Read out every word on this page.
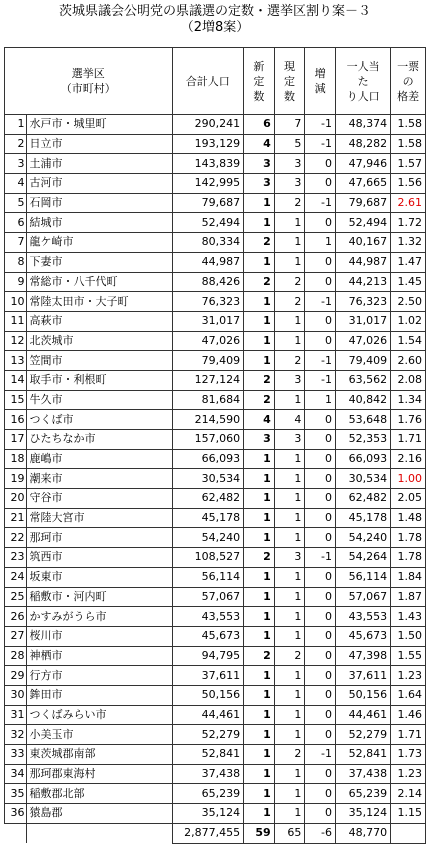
茨城県議会公明党の県議選の定数・選挙区割り案－３
（2増8案）
選挙区
（市町村）		合計人口	新
定
数	現
定
数	増
減	一人当
た
り人口	一票
の
格差
1	水戸市・城里町	290,241	6	7	-1	48,374	1.58
2	日立市	193,129	4	5	-1	48,282	1.58
3	土浦市	143,839	3	3	0	47,946	1.57
4	古河市	142,995	3	3	0	47,665	1.56
5	石岡市	79,687	1	2	-1	79,687	2.61
6	結城市	52,494	1	1	0	52,494	1.72
7	龍ケ崎市	80,334	2	1	1	40,167	1.32
8	下妻市	44,987	1	1	0	44,987	1.47
9	常総市・八千代町	88,426	2	2	0	44,213	1.45
10	常陸太田市・大子町	76,323	1	2	-1	76,323	2.50
11	高萩市	31,017	1	1	0	31,017	1.02
12	北茨城市	47,026	1	1	0	47,026	1.54
13	笠間市	79,409	1	2	-1	79,409	2.60
14	取手市・利根町	127,124	2	3	-1	63,562	2.08
15	牛久市	81,684	2	1	1	40,842	1.34
16	つくば市	214,590	4	4	0	53,648	1.76
17	ひたちなか市	157,060	3	3	0	52,353	1.71
18	鹿嶋市	66,093	1	1	0	66,093	2.16
19	潮来市	30,534	1	1	0	30,534	1.00
20	守谷市	62,482	1	1	0	62,482	2.05
21	常陸大宮市	45,178	1	1	0	45,178	1.48
22	那珂市	54,240	1	1	0	54,240	1.78
23	筑西市	108,527	2	3	-1	54,264	1.78
24	坂東市	56,114	1	1	0	56,114	1.84
25	稲敷市・河内町	57,067	1	1	0	57,067	1.87
26	かすみがうら市	43,553	1	1	0	43,553	1.43
27	桜川市	45,673	1	1	0	45,673	1.50
28	神栖市	94,795	2	2	0	47,398	1.55
29	行方市	37,611	1	1	0	37,611	1.23
30	鉾田市	50,156	1	1	0	50,156	1.64
31	つくばみらい市	44,461	1	1	0	44,461	1.46
32	小美玉市	52,279	1	1	0	52,279	1.71
33	東茨城郡南部	52,841	1	2	-1	52,841	1.73
34	那珂郡東海村	37,438	1	1	0	37,438	1.23
35	稲敷郡北部	65,239	1	1	0	65,239	2.14
36	猿島郡	35,124	1	1	0	35,124	1.15
		2,877,455	59	65	-6	48,770	
